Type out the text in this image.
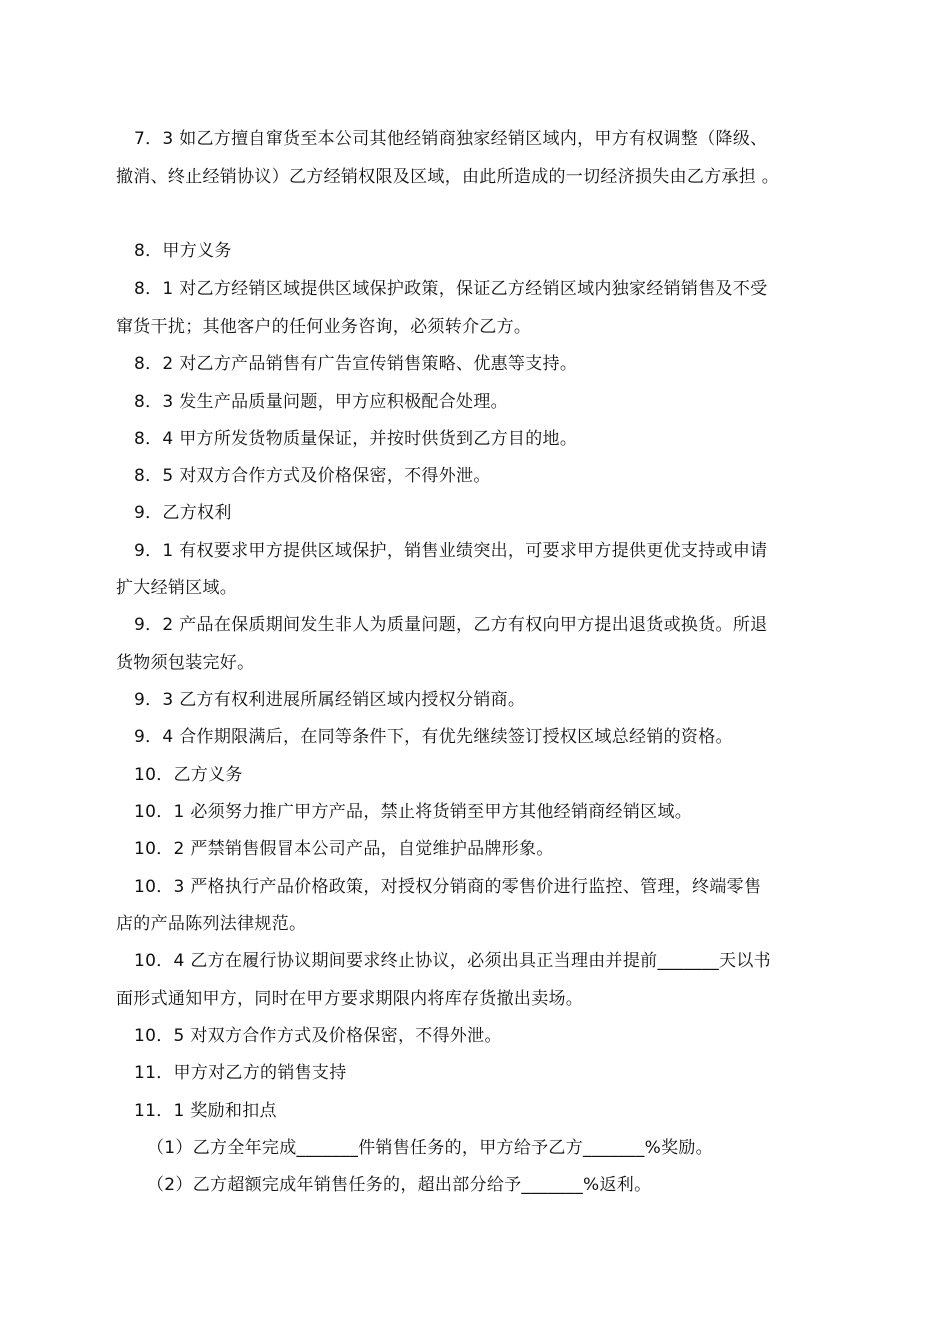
7．3 如乙方擅自窜货至本公司其他经销商独家经销区域内，甲方有权调整（降级、
撤消、终止经销协议）乙方经销权限及区域，由此所造成的一切经济损失由乙方承担 。
8．甲方义务
8．1 对乙方经销区域提供区域保护政策，保证乙方经销区域内独家经销销售及不受
窜货干扰；其他客户的任何业务咨询，必须转介乙方。
8．2 对乙方产品销售有广告宣传销售策略、优惠等支持。
8．3 发生产品质量问题，甲方应积极配合处理。
8．4 甲方所发货物质量保证，并按时供货到乙方目的地。
8．5 对双方合作方式及价格保密，不得外泄。
9．乙方权利
9．1 有权要求甲方提供区域保护，销售业绩突出，可要求甲方提供更优支持或申请
扩大经销区域。
9．2 产品在保质期间发生非人为质量问题，乙方有权向甲方提出退货或换货。所退
货物须包装完好。
9．3 乙方有权利进展所属经销区域内授权分销商。
9．4 合作期限满后，在同等条件下，有优先继续签订授权区域总经销的资格。
10．乙方义务
10．1 必须努力推广甲方产品，禁止将货销至甲方其他经销商经销区域。
10．2 严禁销售假冒本公司产品，自觉维护品牌形象。
10．3 严格执行产品价格政策，对授权分销商的零售价进行监控、管理，终端零售
店的产品陈列法律规范。
10．4 乙方在履行协议期间要求终止协议，必须出具正当理由并提前_______天以书
面形式通知甲方，同时在甲方要求期限内将库存货撤出卖场。
10．5 对双方合作方式及价格保密，不得外泄。
11．甲方对乙方的销售支持
11．1 奖励和扣点
（1）乙方全年完成_______件销售任务的，甲方给予乙方_______%奖励。
（2）乙方超额完成年销售任务的，超出部分给予_______%返利。
